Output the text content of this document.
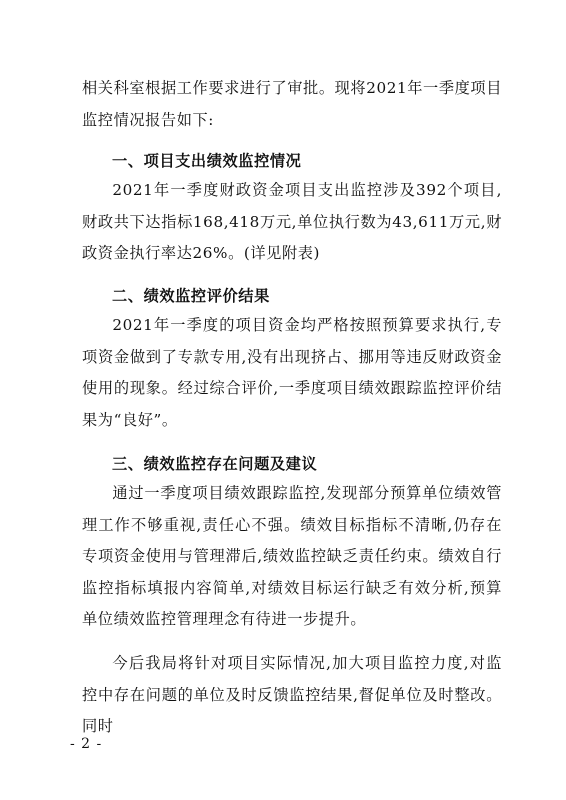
相关科室根据工作要求进行了审批。现将2021年一季度项目监控情况报告如下:

一、项目支出绩效监控情况

2021年一季度财政资金项目支出监控涉及392个项目,财政共下达指标168,418万元,单位执行数为43,611万元,财政资金执行率达26%。(详见附表)

二、绩效监控评价结果

2021年一季度的项目资金均严格按照预算要求执行,专项资金做到了专款专用,没有出现挤占、挪用等违反财政资金使用的现象。经过综合评价,一季度项目绩效跟踪监控评价结果为“良好”。

三、绩效监控存在问题及建议

通过一季度项目绩效跟踪监控,发现部分预算单位绩效管理工作不够重视,责任心不强。绩效目标指标不清晰,仍存在专项资金使用与管理滞后,绩效监控缺乏责任约束。绩效自行监控指标填报内容简单,对绩效目标运行缺乏有效分析,预算单位绩效监控管理理念有待进一步提升。

今后我局将针对项目实际情况,加大项目监控力度,对监控中存在问题的单位及时反馈监控结果,督促单位及时整改。同时

- 2 -
